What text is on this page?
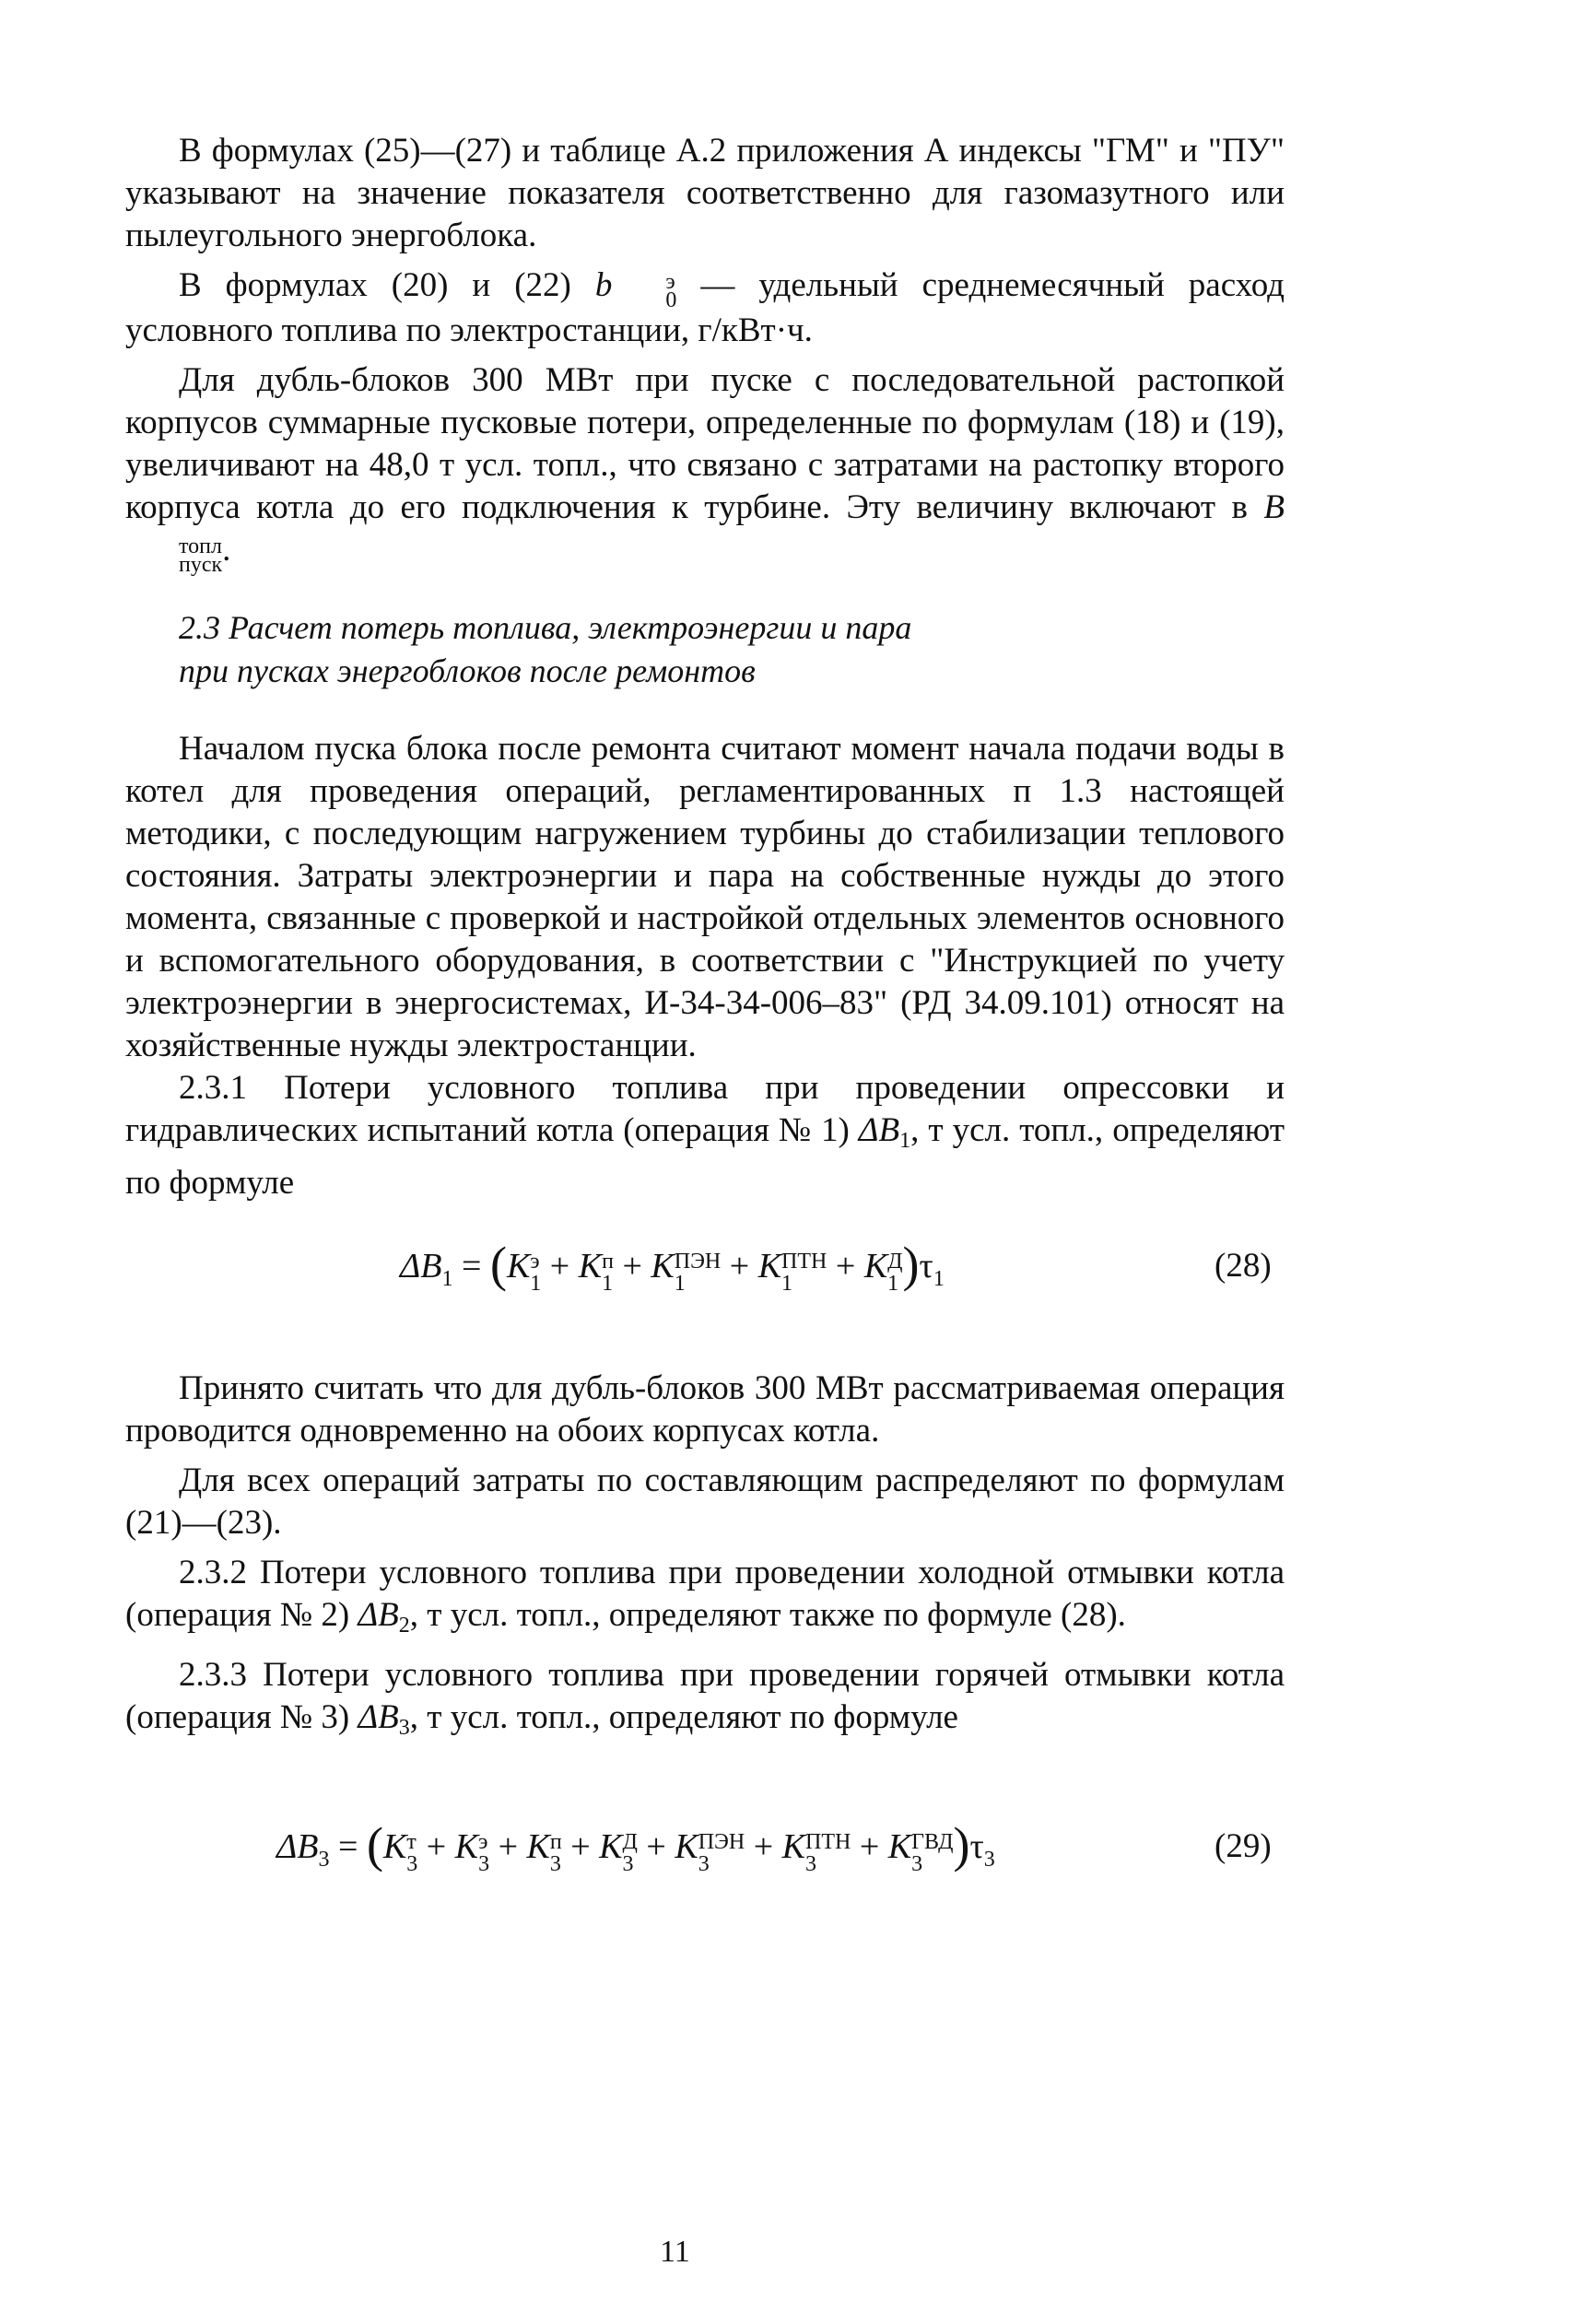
В формулах (25)—(27) и таблице А.2 приложения А индексы "ГМ" и "ПУ" указывают на значение показателя соответственно для газомазутного или пылеугольного энергоблока.

В формулах (20) и (22) b	э
0 — удельный среднемесячный расход условного топлива по электростанции, г/кВт·ч.

Для дубль-блоков 300 МВт при пуске с последовательной растопкой корпусов суммарные пусковые потери, определенные по формулам (18) и (19), увеличивают на 48,0 т усл. топл., что связано с затратами на растопку второго корпуса котла до его подключения к турбине. Эту величину включают в B
топл
пуск .

2.3 Расчет потерь топлива, электроэнергии и пара
при пусках энергоблоков после ремонтов

Началом пуска блока после ремонта считают момент начала подачи воды в котел для проведения операций, регламентированных п 1.3 настоящей методики, с последующим нагружением турбины до стабилизации теплового состояния. Затраты электроэнергии и пара на собственные нужды до этого момента, связанные с проверкой и настройкой отдельных элементов основного и вспомогательного оборудования, в соответствии с "Инструкцией по учету электроэнергии в энергосистемах, И-34-34-006–83" (РД 34.09.101) относят на хозяйственные нужды электростанции.

2.3.1 Потери условного топлива при проведении опрессовки и гидравлических испытаний котла (операция № 1) $\Delta B_1$, т усл. топл., определяют по формуле

$\Delta B_1 = (K$ э
1 + K п
1 + K ПЭН
1	+ K ПТН
1 + K Д
1 )$\tau_1$	(28)

Принято считать что для дубль-блоков 300 МВт рассматриваемая операция проводится одновременно на обоих корпусах котла.

Для всех операций затраты по составляющим распределяют по формулам (21)—(23).

2.3.2 Потери условного топлива при проведении холодной отмывки котла (операция № 2) $\Delta B_2$, т усл. топл., определяют также по формуле (28).

2.3.3 Потери условного топлива при проведении горячей отмывки котла (операция № 3) $\Delta B_3$, т усл. топл., определяют по формуле

$\Delta B_3 = (K$ т
3 + K э
3 + K п
3 + K Д
3 + K ПЭН
3	+ K ПТН
3 + K ГВД
3 )$\tau_3$	(29)
11
